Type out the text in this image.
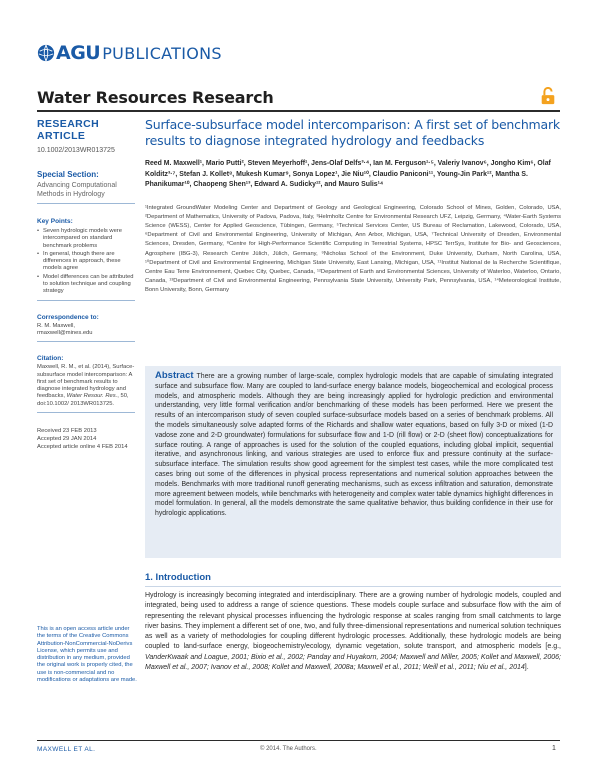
AGU PUBLICATIONS
Water Resources Research
RESEARCH ARTICLE
10.1002/2013WR013725
Special Section:
Advancing Computational Methods in Hydrology
Key Points:
• Seven hydrologic models were intercompared on standard benchmark problems
• In general, though there are differences in approach, these models agree
• Model differences can be attributed to solution technique and coupling strategy
Correspondence to:
R. M. Maxwell,
rmaxwell@mines.edu
Citation:
Maxwell, R. M., et al. (2014), Surface-subsurface model intercomparison: A first set of benchmark results to diagnose integrated hydrology and feedbacks, Water Resour. Res., 50, doi:10.1002/ 2013WR013725.
Received 23 FEB 2013
Accepted 29 JAN 2014
Accepted article online 4 FEB 2014
This is an open access article under the terms of the Creative Commons Attribution-NonCommercial-NoDerivs License, which permits use and distribution in any medium, provided the original work is properly cited, the use is non-commercial and no modifications or adaptations are made.
Surface-subsurface model intercomparison: A first set of benchmark results to diagnose integrated hydrology and feedbacks
Reed M. Maxwell¹, Mario Putti², Steven Meyerhoff¹, Jens-Olaf Delfs³·⁴, Ian M. Ferguson¹·⁵, Valeriy Ivanov⁶, Jongho Kim⁶, Olaf Kolditz³·⁷, Stefan J. Kollet⁸, Mukesh Kumar⁹, Sonya Lopez¹, Jie Niu¹⁰, Claudio Paniconi¹¹, Young-Jin Park¹², Mantha S. Phanikumar¹⁰, Chaopeng Shen¹³, Edward A. Sudicky¹², and Mauro Sulis¹⁴
¹Integrated GroundWater Modeling Center and Department of Geology and Geological Engineering, Colorado School of Mines, Golden, Colorado, USA, ²Department of Mathematics, University of Padova, Padova, Italy, ³Helmholtz Centre for Environmental Research UFZ, Leipzig, Germany, ⁴Water-Earth Systems Science (WESS), Center for Applied Geoscience, Tübingen, Germany, ⁵Technical Services Center, US Bureau of Reclamation, Lakewood, Colorado, USA, ⁶Department of Civil and Environmental Engineering, University of Michigan, Ann Arbor, Michigan, USA, ⁷Technical University of Dresden, Environmental Sciences, Dresden, Germany, ⁸Centre for High-Performance Scientific Computing in Terrestrial Systems, HPSC TerrSys, Institute for Bio- and Geosciences, Agrosphere (IBG-3), Research Centre Jülich, Jülich, Germany, ⁹Nicholas School of the Environment, Duke University, Durham, North Carolina, USA, ¹⁰Department of Civil and Environmental Engineering, Michigan State University, East Lansing, Michigan, USA, ¹¹Institut National de la Recherche Scientifique, Centre Eau Terre Environnement, Quebec City, Quebec, Canada, ¹²Department of Earth and Environmental Sciences, University of Waterloo, Waterloo, Ontario, Canada, ¹³Department of Civil and Environmental Engineering, Pennsylvania State University, University Park, Pennsylvania, USA, ¹⁴Meteorological Institute, Bonn University, Bonn, Germany
Abstract There are a growing number of large-scale, complex hydrologic models that are capable of simulating integrated surface and subsurface flow. Many are coupled to land-surface energy balance models, biogeochemical and ecological process models, and atmospheric models. Although they are being increasingly applied for hydrologic prediction and environmental understanding, very little formal verification and/or benchmarking of these models has been performed. Here we present the results of an intercomparison study of seven coupled surface-subsurface models based on a series of benchmark problems. All the models simultaneously solve adapted forms of the Richards and shallow water equations, based on fully 3-D or mixed (1-D vadose zone and 2-D groundwater) formulations for subsurface flow and 1-D (rill flow) or 2-D (sheet flow) conceptualizations for surface routing. A range of approaches is used for the solution of the coupled equations, including global implicit, sequential iterative, and asynchronous linking, and various strategies are used to enforce flux and pressure continuity at the surface-subsurface interface. The simulation results show good agreement for the simplest test cases, while the more complicated test cases bring out some of the differences in physical process representations and numerical solution approaches between the models. Benchmarks with more traditional runoff generating mechanisms, such as excess infiltration and saturation, demonstrate more agreement between models, while benchmarks with heterogeneity and complex water table dynamics highlight differences in model formulation. In general, all the models demonstrate the same qualitative behavior, thus building confidence in their use for hydrologic applications.
1. Introduction
Hydrology is increasingly becoming integrated and interdisciplinary. There are a growing number of hydrologic models, coupled and integrated, being used to address a range of science questions. These models couple surface and subsurface flow with the aim of representing the relevant physical processes influencing the hydrologic response at scales ranging from small catchments to large river basins. They implement a different set of one, two, and fully three-dimensional representations and numerical solution techniques as well as a variety of methodologies for coupling different hydrologic processes. Additionally, these hydrologic models are being coupled to land-surface energy, biogeochemistry/ecology, dynamic vegetation, solute transport, and atmospheric models [e.g., VanderKwaak and Loague, 2001; Bixio et al., 2002; Panday and Huyakorn, 2004; Maxwell and Miller, 2005; Kollet and Maxwell, 2006; Maxwell et al., 2007; Ivanov et al., 2008; Kollet and Maxwell, 2008a; Maxwell et al., 2011; Weill et al., 2011; Niu et al., 2014].
MAXWELL ET AL.	© 2014. The Authors.	1
